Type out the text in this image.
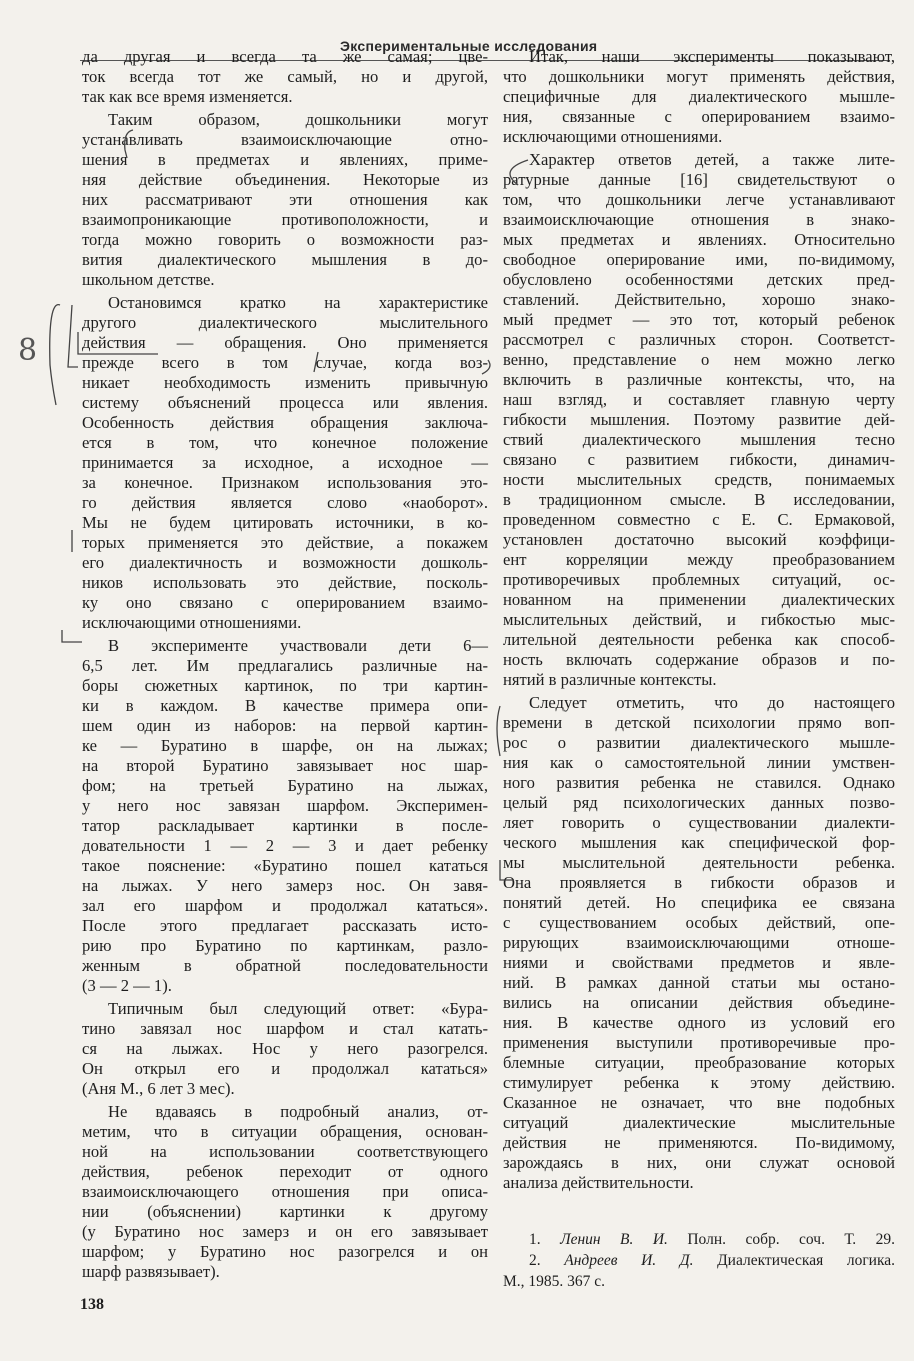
Экспериментальные исследования
да другая и всегда та же самая; цве-
ток всегда тот же самый, но и другой,
так как все время изменяется.
Таким образом, дошкольники могут
устанавливать взаимоисключающие отно-
шения в предметах и явлениях, приме-
няя действие объединения. Некоторые из
них рассматривают эти отношения как
взаимопроникающие противоположности, и
тогда можно говорить о возможности раз-
вития диалектического мышления в до-
школьном детстве.
Остановимся кратко на характеристике
другого диалектического мыслительного
действия — обращения. Оно применяется
прежде всего в том случае, когда воз-
никает необходимость изменить привычную
систему объяснений процесса или явления.
Особенность действия обращения заключа-
ется в том, что конечное положение
принимается за исходное, а исходное —
за конечное. Признаком использования это-
го действия является слово «наоборот».
Мы не будем цитировать источники, в ко-
торых применяется это действие, а покажем
его диалектичность и возможности дошколь-
ников использовать это действие, посколь-
ку оно связано с оперированием взаимо-
исключающими отношениями.
В эксперименте участвовали дети 6—
6,5 лет. Им предлагались различные на-
боры сюжетных картинок, по три картин-
ки в каждом. В качестве примера опи-
шем один из наборов: на первой картин-
ке — Буратино в шарфе, он на лыжах;
на второй Буратино завязывает нос шар-
фом; на третьей Буратино на лыжах,
у него нос завязан шарфом. Эксперимен-
татор раскладывает картинки в после-
довательности 1 — 2 — 3 и дает ребенку
такое пояснение: «Буратино пошел кататься
на лыжах. У него замерз нос. Он завя-
зал его шарфом и продолжал кататься».
После этого предлагает рассказать исто-
рию про Буратино по картинкам, разло-
женным в обратной последовательности
(3 — 2 — 1).
Типичным был следующий ответ: «Бура-
тино завязал нос шарфом и стал катать-
ся на лыжах. Нос у него разогрелся.
Он открыл его и продолжал кататься»
(Аня М., 6 лет 3 мес).
Не вдаваясь в подробный анализ, от-
метим, что в ситуации обращения, основан-
ной на использовании соответствующего
действия, ребенок переходит от одного
взаимоисключающего отношения при описа-
нии (объяснении) картинки к другому
(у Буратино нос замерз и он его завязывает
шарфом; у Буратино нос разогрелся и он
шарф развязывает).
Итак, наши эксперименты показывают,
что дошкольники могут применять действия,
специфичные для диалектического мышле-
ния, связанные с оперированием взаимо-
исключающими отношениями.
Характер ответов детей, а также лите-
ратурные данные [16] свидетельствуют о
том, что дошкольники легче устанавливают
взаимоисключающие отношения в знако-
мых предметах и явлениях. Относительно
свободное оперирование ими, по-видимому,
обусловлено особенностями детских пред-
ставлений. Действительно, хорошо знако-
мый предмет — это тот, который ребенок
рассмотрел с различных сторон. Соответст-
венно, представление о нем можно легко
включить в различные контексты, что, на
наш взгляд, и составляет главную черту
гибкости мышления. Поэтому развитие дей-
ствий диалектического мышления тесно
связано с развитием гибкости, динамич-
ности мыслительных средств, понимаемых
в традиционном смысле. В исследовании,
проведенном совместно с Е. С. Ермаковой,
установлен достаточно высокий коэффици-
ент корреляции между преобразованием
противоречивых проблемных ситуаций, ос-
нованном на применении диалектических
мыслительных действий, и гибкостью мыс-
лительной деятельности ребенка как способ-
ность включать содержание образов и по-
нятий в различные контексты.
Следует отметить, что до настоящего
времени в детской психологии прямо воп-
рос о развитии диалектического мышле-
ния как о самостоятельной линии умствен-
ного развития ребенка не ставился. Однако
целый ряд психологических данных позво-
ляет говорить о существовании диалекти-
ческого мышления как специфической фор-
мы мыслительной деятельности ребенка.
Она проявляется в гибкости образов и
понятий детей. Но специфика ее связана
с существованием особых действий, опе-
рирующих взаимоисключающими отноше-
ниями и свойствами предметов и явле-
ний. В рамках данной статьи мы остано-
вились на описании действия объедине-
ния. В качестве одного из условий его
применения выступили противоречивые про-
блемные ситуации, преобразование которых
стимулирует ребенка к этому действию.
Сказанное не означает, что вне подобных
ситуаций диалектические мыслительные
действия не применяются. По-видимому,
зарождаясь в них, они служат основой
анализа действительности.
1. Ленин В. И. Полн. собр. соч. Т. 29.
2. Андреев И. Д. Диалектическая логика.
М., 1985. 367 с.
138
8
